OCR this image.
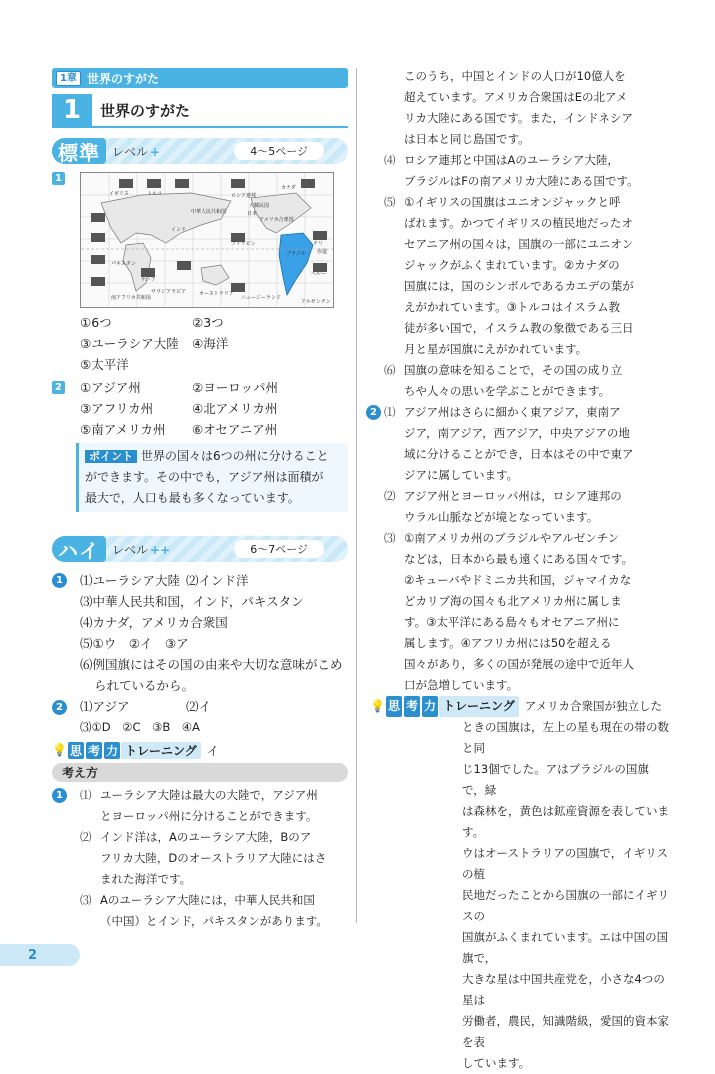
1章 世界のすがた
1	世界のすがた
標準	レベル +	4〜5ページ
1
ロシア連邦
大韓民国
中華人民共和国
インド
アメリカ合衆国
オーストラリア
ニュージーランド
ブラジル
ペルー
アルゼンチン
チリ
パキスタン
フィリピン
南アフリカ共和国
ケニア
サウジアラビア
カナダ
日本
トルコ
イギリス
赤道
①6つ	②3つ
③ユーラシア大陸	④海洋
⑤太平洋
2 ①アジア州	②ヨーロッパ州
③アフリカ州	④北アメリカ州
⑤南アメリカ州	⑥オセアニア州
ポイント 世界の国々は6つの州に分けること
ができます。その中でも，アジア州は面積が
最大で，人口も最も多くなっています。
ハイ	レベル ++	6〜7ページ
1	⑴ユーラシア大陸 ⑵インド洋
⑶中華人民共和国，インド，パキスタン
⑷カナダ，アメリカ合衆国
⑸①ウ　②イ　③ア
⑹例国旗にはその国の由来や大切な意味がこめ
られているから。
2	⑴アジア	⑵イ
⑶①D　②C　③B　④A
💡 思 考 力 トレーニング イ
考え方
1	⑴ ユーラシア大陸は最大の大陸で，アジア州
とヨーロッパ州に分けることができます。
⑵ インド洋は，Aのユーラシア大陸，Bのア
フリカ大陸，Dのオーストラリア大陸にはさ
まれた海洋です。
⑶ Aのユーラシア大陸には，中華人民共和国
（中国）とインド，パキスタンがあります。
このうち，中国とインドの人口が10億人を
超えています。アメリカ合衆国はEの北アメ
リカ大陸にある国です。また，インドネシア
は日本と同じ島国です。
⑷ ロシア連邦と中国はAのユーラシア大陸，
ブラジルはFの南アメリカ大陸にある国です。
⑸ ①イギリスの国旗はユニオンジャックと呼
ばれます。かつてイギリスの植民地だったオ
セアニア州の国々は，国旗の一部にユニオン
ジャックがふくまれています。②カナダの
国旗には，国のシンボルであるカエデの葉が
えがかれています。③トルコはイスラム教
徒が多い国で，イスラム教の象徴である三日
月と星が国旗にえがかれています。
⑹ 国旗の意味を知ることで，その国の成り立
ちや人々の思いを学ぶことができます。
2 ⑴ アジア州はさらに細かく東アジア，東南ア
ジア，南アジア，西アジア，中央アジアの地
域に分けることができ，日本はその中で東ア
ジアに属しています。
⑵ アジア州とヨーロッパ州は，ロシア連邦の
ウラル山脈などが境となっています。
⑶ ①南アメリカ州のブラジルやアルゼンチン
などは，日本から最も遠くにある国々です。
②キューバやドミニカ共和国，ジャマイカな
どカリブ海の国々も北アメリカ州に属しま
す。③太平洋にある島々もオセアニア州に
属します。④アフリカ州には50を超える
国々があり，多くの国が発展の途中で近年人
口が急増しています。
💡 思 考 力 トレーニング アメリカ合衆国が独立した
ときの国旗は，左上の星も現在の帯の数と同
じ13個でした。アはブラジルの国旗で，緑
は森林を，黄色は鉱産資源を表しています。
ウはオーストラリアの国旗で，イギリスの植
民地だったことから国旗の一部にイギリスの
国旗がふくまれています。エは中国の国旗で，
大きな星は中国共産党を，小さな4つの星は
労働者，農民，知識階級，愛国的資本家を表
しています。
2
